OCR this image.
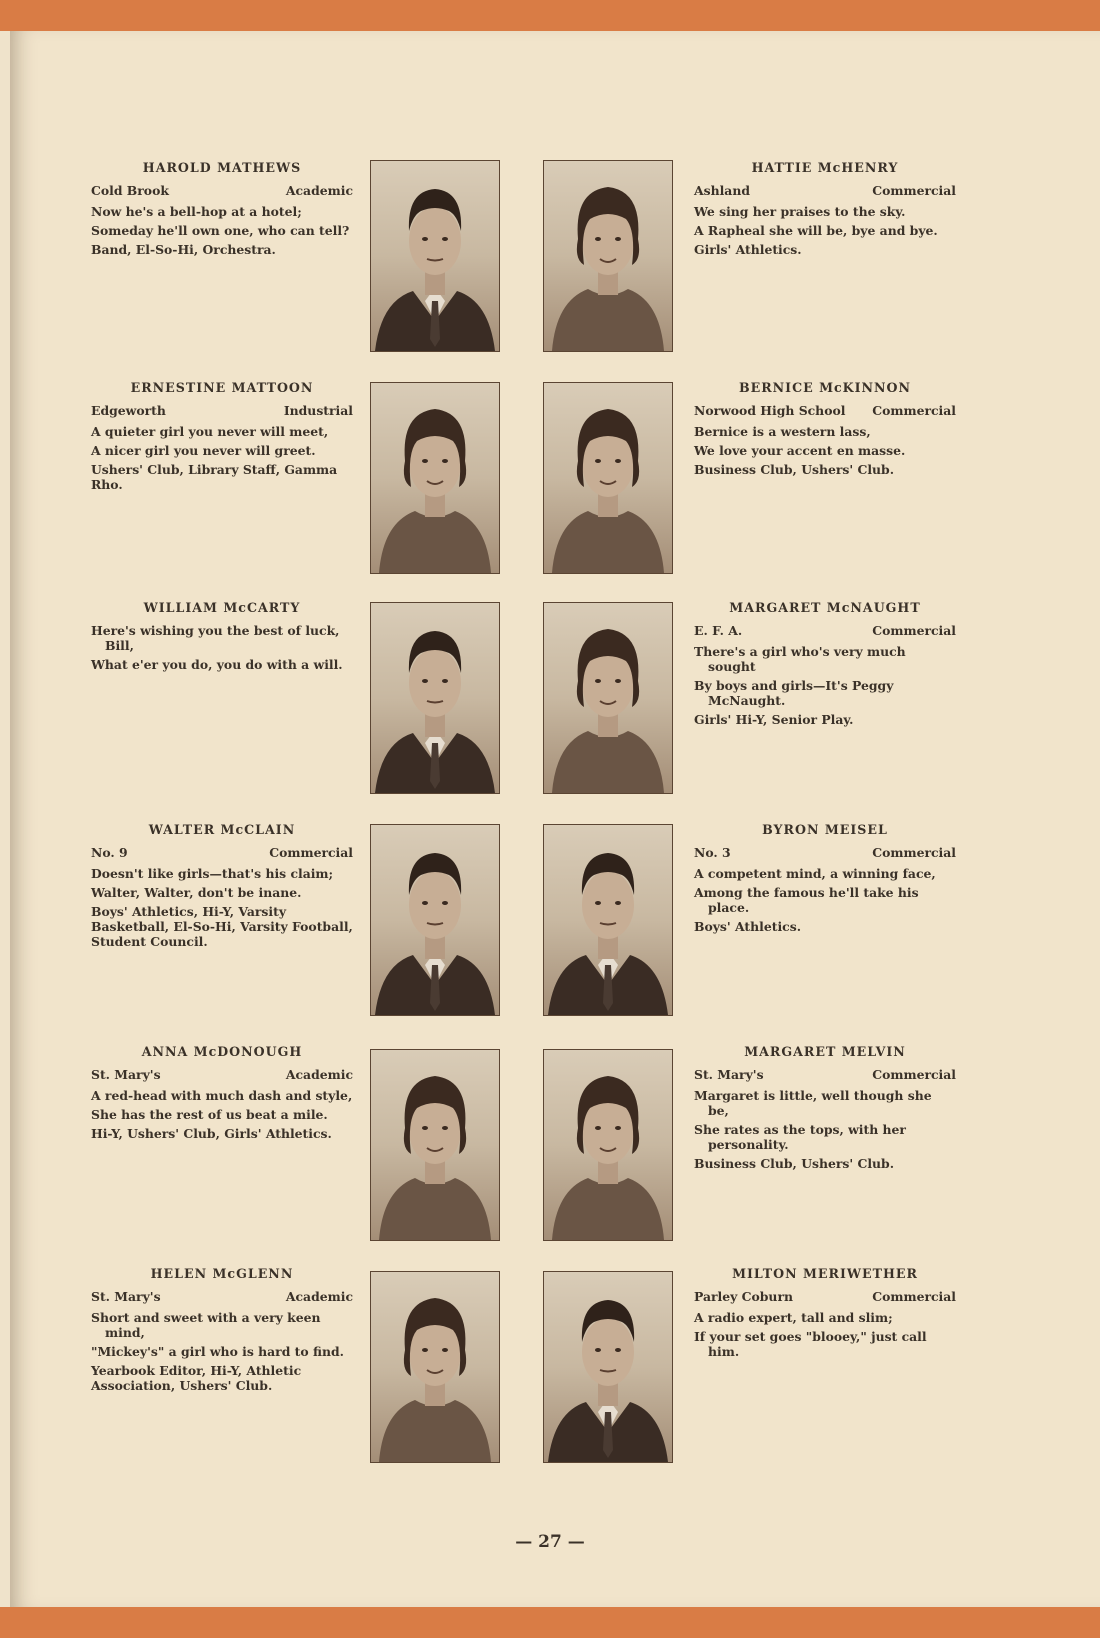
HAROLD MATHEWS
Cold Brook	Academic
Now he's a bell-hop at a hotel;
Someday he'll own one, who can tell?
Band, El-So-Hi, Orchestra.
HATTIE McHENRY
Ashland	Commercial
We sing her praises to the sky.
A Rapheal she will be, bye and bye.
Girls' Athletics.
ERNESTINE MATTOON
Edgeworth	Industrial
A quieter girl you never will meet,
A nicer girl you never will greet.
Ushers' Club, Library Staff, Gamma Rho.
BERNICE McKINNON
Norwood High School Commercial
Bernice is a western lass,
We love your accent en masse.
Business Club, Ushers' Club.
WILLIAM McCARTY
Here's wishing you the best of luck, Bill,
What e'er you do, you do with a will.
MARGARET McNAUGHT
E. F. A.	Commercial
There's a girl who's very much sought
By boys and girls—It's Peggy McNaught.
Girls' Hi-Y, Senior Play.
WALTER McCLAIN
No. 9	Commercial
Doesn't like girls—that's his claim;
Walter, Walter, don't be inane.
Boys' Athletics, Hi-Y, Varsity Basketball, El-So-Hi, Varsity Football, Student Council.
BYRON MEISEL
No. 3	Commercial
A competent mind, a winning face,
Among the famous he'll take his place.
Boys' Athletics.
ANNA McDONOUGH
St. Mary's	Academic
A red-head with much dash and style,
She has the rest of us beat a mile.
Hi-Y, Ushers' Club, Girls' Athletics.
MARGARET MELVIN
St. Mary's	Commercial
Margaret is little, well though she be,
She rates as the tops, with her personality.
Business Club, Ushers' Club.
HELEN McGLENN
St. Mary's	Academic
Short and sweet with a very keen mind,
"Mickey's" a girl who is hard to find.
Yearbook Editor, Hi-Y, Athletic Association, Ushers' Club.
MILTON MERIWETHER
Parley Coburn	Commercial
A radio expert, tall and slim;
If your set goes "blooey," just call him.
— 27 —
